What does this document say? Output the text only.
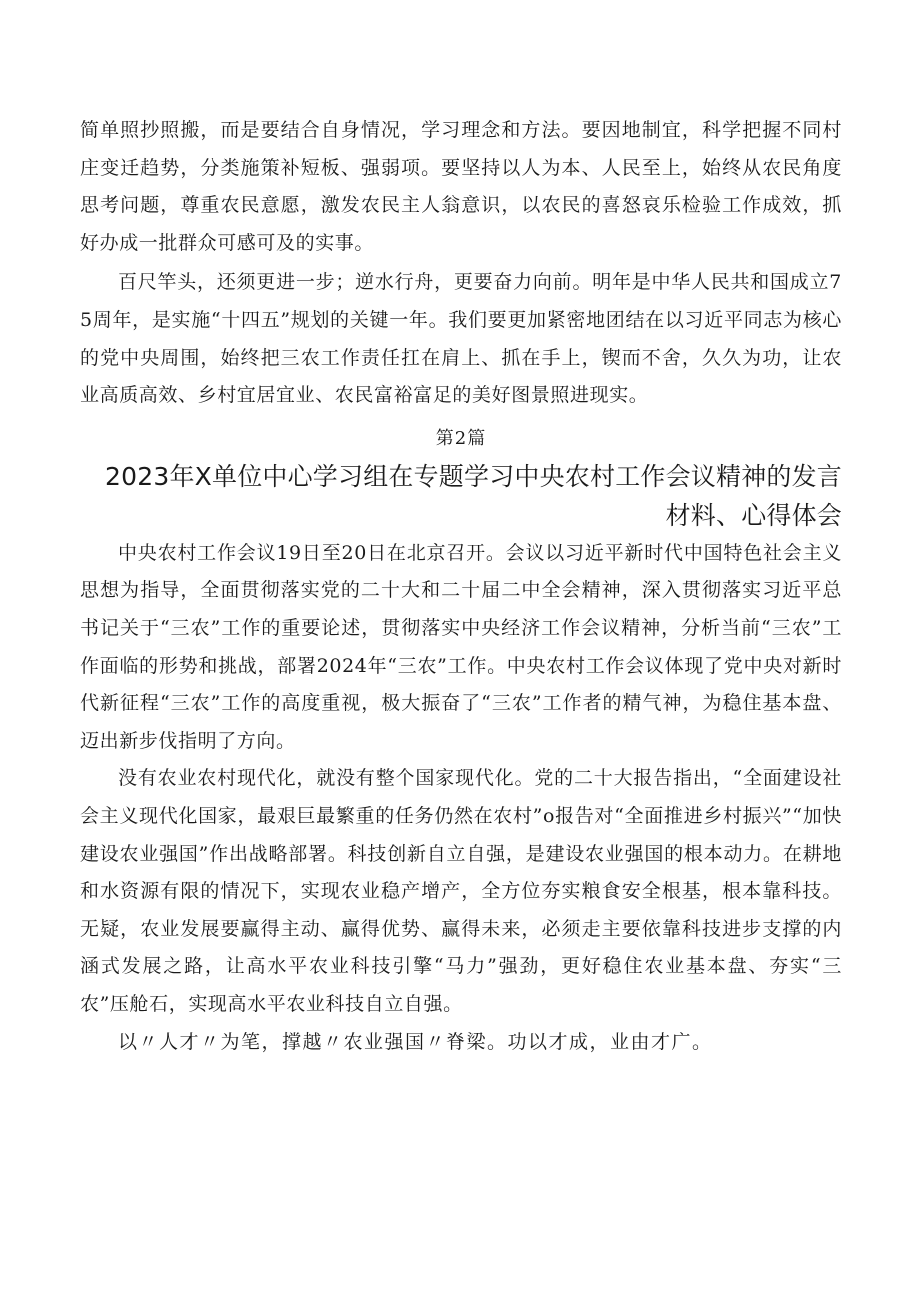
简单照抄照搬，而是要结合自身情况，学习理念和方法。要因地制宜，科学把握不同村庄变迁趋势，分类施策补短板、强弱项。要坚持以人为本、人民至上，始终从农民角度思考问题，尊重农民意愿，激发农民主人翁意识，以农民的喜怒哀乐检验工作成效，抓好办成一批群众可感可及的实事。

百尺竿头，还须更进一步；逆水行舟，更要奋力向前。明年是中华人民共和国成立75周年，是实施“十四五”规划的关键一年。我们要更加紧密地团结在以习近平同志为核心的党中央周围，始终把三农工作责任扛在肩上、抓在手上，锲而不舍，久久为功，让农业高质高效、乡村宜居宜业、农民富裕富足的美好图景照进现实。

第2篇
2023年X单位中心学习组在专题学习中央农村工作会议精神的发言材料、心得体会

中央农村工作会议19日至20日在北京召开。会议以习近平新时代中国特色社会主义思想为指导，全面贯彻落实党的二十大和二十届二中全会精神，深入贯彻落实习近平总书记关于“三农”工作的重要论述，贯彻落实中央经济工作会议精神，分析当前“三农”工作面临的形势和挑战，部署2024年“三农”工作。中央农村工作会议体现了党中央对新时代新征程“三农”工作的高度重视，极大振奋了“三农”工作者的精气神，为稳住基本盘、迈出新步伐指明了方向。

没有农业农村现代化，就没有整个国家现代化。党的二十大报告指出，“全面建设社会主义现代化国家，最艰巨最繁重的任务仍然在农村”o报告对“全面推进乡村振兴”“加快建设农业强国”作出战略部署。科技创新自立自强，是建设农业强国的根本动力。在耕地和水资源有限的情况下，实现农业稳产增产，全方位夯实粮食安全根基，根本靠科技。无疑，农业发展要赢得主动、赢得优势、赢得未来，必须走主要依靠科技进步支撑的内涵式发展之路，让高水平农业科技引擎“马力”强劲，更好稳住农业基本盘、夯实“三农”压舱石，实现高水平农业科技自立自强。

以〃人才〃为笔，撑越〃农业强国〃脊梁。功以才成，业由才广。
